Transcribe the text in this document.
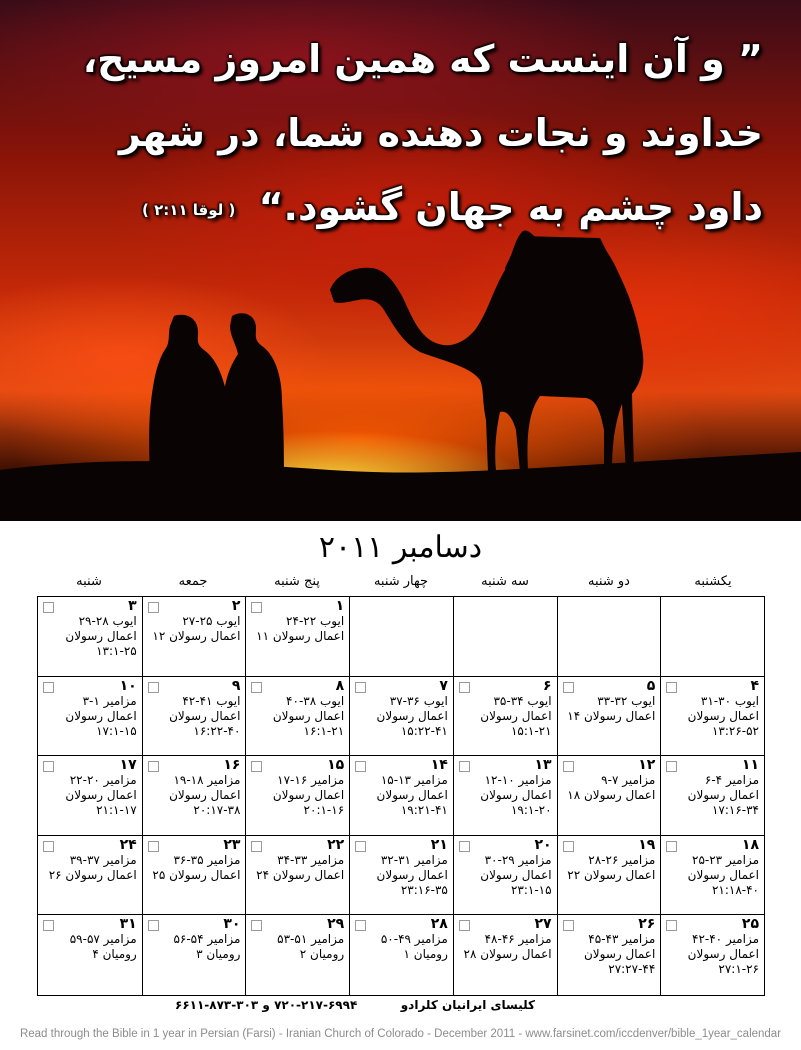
” و آن اینست که همین امروز مسیح،
خداوند و نجات دهنده شما، در شهر
داود چشم به جهان گشود.“ ( لوقا ۲:۱۱ )

دسامبر ۲۰۱۱
یکشنبه
دو شنبه
سه شنبه
چهار شنبه
پنج شنبه
جمعه
شنبه
۱
ایوب ۲۲-۲۴
اعمال رسولان ۱۱
۲
ایوب ۲۵-۲۷
اعمال رسولان ۱۲
۳
ایوب ۲۸-۲۹
اعمال رسولان
۱۳:۱-۲۵
۴
ایوب ۳۰-۳۱
اعمال رسولان
۱۳:۲۶-۵۲
۵
ایوب ۳۲-۳۳
اعمال رسولان ۱۴
۶
ایوب ۳۴-۳۵
اعمال رسولان
۱۵:۱-۲۱
۷
ایوب ۳۶-۳۷
اعمال رسولان
۱۵:۲۲-۴۱
۸
ایوب ۳۸-۴۰
اعمال رسولان
۱۶:۱-۲۱
۹
ایوب ۴۱-۴۲
اعمال رسولان
۱۶:۲۲-۴۰
۱۰
مزامیر ۱-۳
اعمال رسولان
۱۷:۱-۱۵
۱۱
مزامیر ۴-۶
اعمال رسولان
۱۷:۱۶-۳۴
۱۲
مزامیر ۷-۹
اعمال رسولان ۱۸
۱۳
مزامیر ۱۰-۱۲
اعمال رسولان
۱۹:۱-۲۰
۱۴
مزامیر ۱۳-۱۵
اعمال رسولان
۱۹:۲۱-۴۱
۱۵
مزامیر ۱۶-۱۷
اعمال رسولان
۲۰:۱-۱۶
۱۶
مزامیر ۱۸-۱۹
اعمال رسولان
۲۰:۱۷-۳۸
۱۷
مزامیر ۲۰-۲۲
اعمال رسولان
۲۱:۱-۱۷
۱۸
مزامیر ۲۳-۲۵
اعمال رسولان
۲۱:۱۸-۴۰
۱۹
مزامیر ۲۶-۲۸
اعمال رسولان ۲۲
۲۰
مزامیر ۲۹-۳۰
اعمال رسولان
۲۳:۱-۱۵
۲۱
مزامیر ۳۱-۳۲
اعمال رسولان
۲۳:۱۶-۳۵
۲۲
مزامیر ۳۳-۳۴
اعمال رسولان ۲۴
۲۳
مزامیر ۳۵-۳۶
اعمال رسولان ۲۵
۲۴
مزامیر ۳۷-۳۹
اعمال رسولان ۲۶
۲۵
مزامیر ۴۰-۴۲
اعمال رسولان
۲۷:۱-۲۶
۲۶
مزامیر ۴۳-۴۵
اعمال رسولان
۲۷:۲۷-۴۴
۲۷
مزامیر ۴۶-۴۸
اعمال رسولان ۲۸
۲۸
مزامیر ۴۹-۵۰
رومیان ۱
۲۹
مزامیر ۵۱-۵۳
رومیان ۲
۳۰
مزامیر ۵۴-۵۶
رومیان ۳
۳۱
مزامیر ۵۷-۵۹
رومیان ۴
کلیسای ایرانیان کلرادو
۷۲۰-۲۱۷-۶۹۹۴ و ۳۰۳-۸۷۳-۶۶۱۱
Read through the Bible in 1 year in Persian (Farsi) - Iranian Church of Colorado - December 2011 - www.farsinet.com/iccdenver/bible_1year_calendar
